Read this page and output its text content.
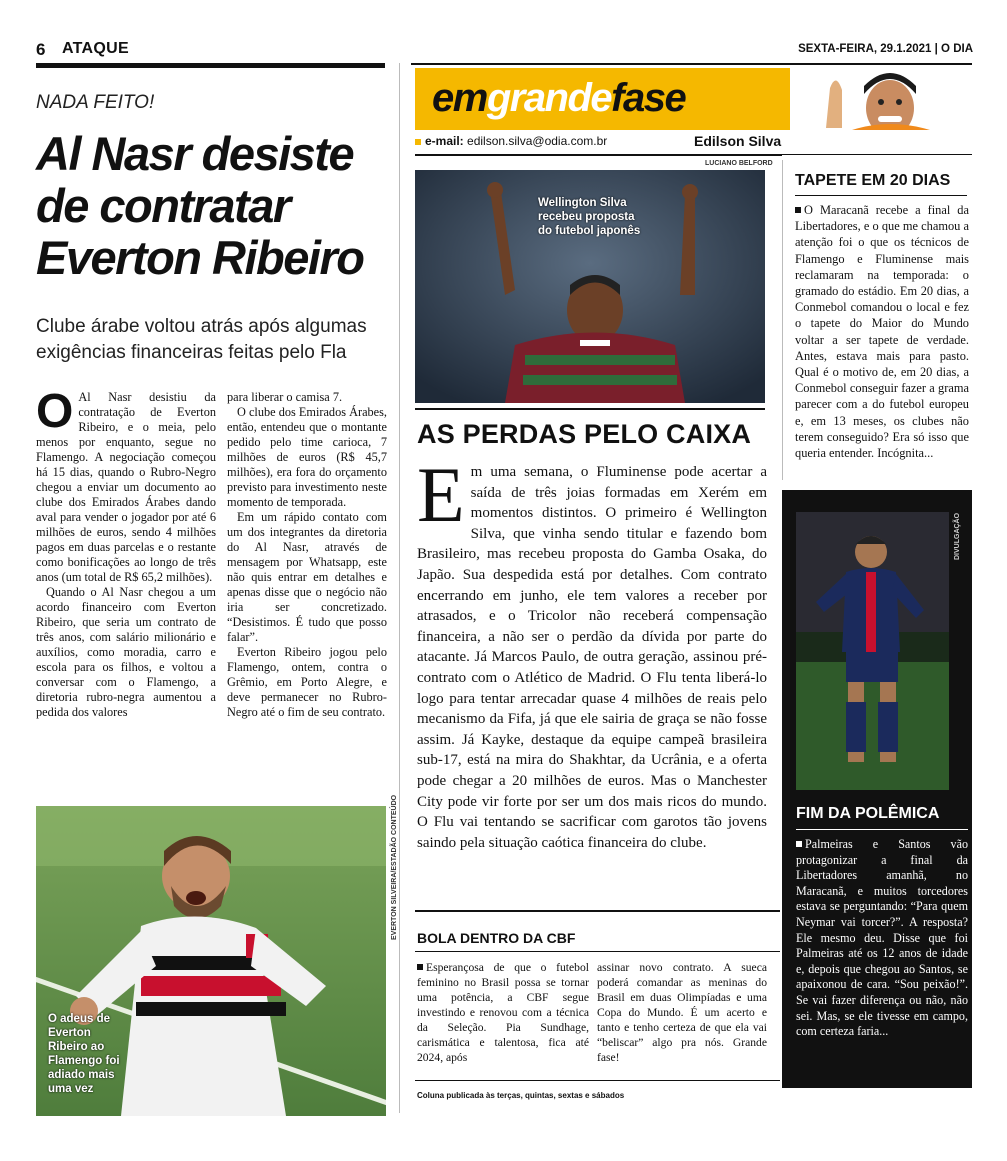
6 ATAQUE	SEXTA-FEIRA, 29.1.2021 | O DIA
NADA FEITO!
Al Nasr desiste de contratar Everton Ribeiro
Clube árabe voltou atrás após algumas exigências financeiras feitas pelo Fla
O Al Nasr desistiu da contratação de Everton Ribeiro, e o meia, pelo menos por enquanto, segue no Flamengo. A negociação começou há 15 dias, quando o Rubro-Negro chegou a enviar um documento ao clube dos Emirados Árabes dando aval para vender o jogador por até 6 milhões de euros, sendo 4 milhões pagos em duas parcelas e o restante como bonificações ao longo de três anos (um total de R$ 65,2 milhões).

Quando o Al Nasr chegou a um acordo financeiro com Everton Ribeiro, que seria um contrato de três anos, com salário milionário e auxílios, como moradia, carro e escola para os filhos, e voltou a conversar com o Flamengo, a diretoria rubro-negra aumentou a pedida dos valores

para liberar o camisa 7.

O clube dos Emirados Árabes, então, entendeu que o montante pedido pelo time carioca, 7 milhões de euros (R$ 45,7 milhões), era fora do orçamento previsto para investimento neste momento de temporada.

Em um rápido contato com um dos integrantes da diretoria do Al Nasr, através de mensagem por Whatsapp, este não quis entrar em detalhes e apenas disse que o negócio não iria ser concretizado. “Desistimos. É tudo que posso falar”.

Everton Ribeiro jogou pelo Flamengo, ontem, contra o Grêmio, em Porto Alegre, e deve permanecer no Rubro-Negro até o fim de seu contrato.

O adeus de Everton Ribeiro ao Flamengo foi adiado mais uma vez
EVERTON SILVEIRA/ESTADÃO CONTEÚDO
emgrandefase
e-mail: edilson.silva@odia.com.br	Edilson Silva
LUCIANO BELFORD
Wellington Silva recebeu proposta do futebol japonês
AS PERDAS PELO CAIXA
Em uma semana, o Fluminense pode acertar a saída de três joias formadas em Xerém em momentos distintos. O primeiro é Wellington Silva, que vinha sendo titular e fazendo bom Brasileiro, mas recebeu proposta do Gamba Osaka, do Japão. Sua despedida está por detalhes. Com contrato encerrando em junho, ele tem valores a receber por atrasados, e o Tricolor não receberá compensação financeira, a não ser o perdão da dívida por parte do atacante. Já Marcos Paulo, de outra geração, assinou pré-contrato com o Atlético de Madrid. O Flu tenta liberá-lo logo para tentar arrecadar quase 4 milhões de reais pelo mecanismo da Fifa, já que ele sairia de graça se não fosse assim. Já Kayke, destaque da equipe campeã brasileira sub-17, está na mira do Shakhtar, da Ucrânia, e a oferta pode chegar a 20 milhões de euros. Mas o Manchester City pode vir forte por ser um dos mais ricos do mundo. O Flu vai tentando se sacrificar com garotos tão jovens saindo pela situação caótica financeira do clube.
BOLA DENTRO DA CBF
Esperançosa de que o futebol feminino no Brasil possa se tornar uma potência, a CBF segue investindo e renovou com a técnica da Seleção. Pia Sundhage, carismática e talentosa, fica até 2024, após
assinar novo contrato. A sueca poderá comandar as meninas do Brasil em duas Olimpíadas e uma Copa do Mundo. É um acerto e tanto e tenho certeza de que ela vai “beliscar” algo pra nós. Grande fase!
Coluna publicada às terças, quintas, sextas e sábados
TAPETE EM 20 DIAS
O Maracanã recebe a final da Libertadores, e o que me chamou a atenção foi o que os técnicos de Flamengo e Fluminense mais reclamaram na temporada: o gramado do estádio. Em 20 dias, a Conmebol comandou o local e fez o tapete do Maior do Mundo voltar a ser tapete de verdade. Antes, estava mais para pasto. Qual é o motivo de, em 20 dias, a Conmebol conseguir fazer a grama parecer com a do futebol europeu e, em 13 meses, os clubes não terem conseguido? Era só isso que queria entender. Incógnita...
DIVULGAÇÃO
FIM DA POLÊMICA
Palmeiras e Santos vão protagonizar a final da Libertadores amanhã, no Maracanã, e muitos torcedores estava se perguntando: “Para quem Neymar vai torcer?”. A resposta? Ele mesmo deu. Disse que foi Palmeiras até os 12 anos de idade e, depois que chegou ao Santos, se apaixonou de cara. “Sou peixão!”. Se vai fazer diferença ou não, não sei. Mas, se ele tivesse em campo, com certeza faria...
